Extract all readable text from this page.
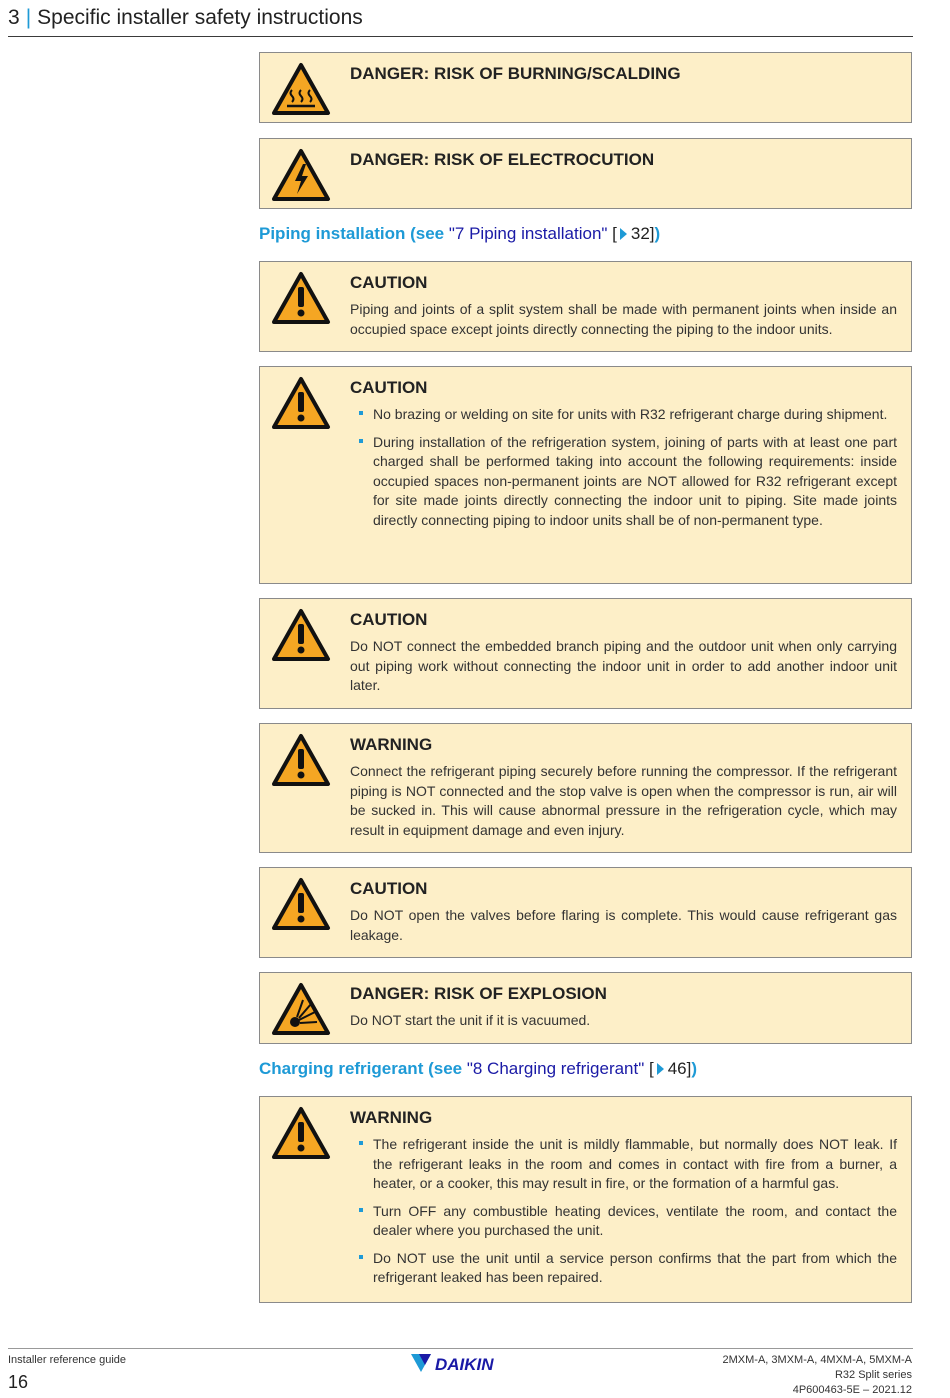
3 | Specific installer safety instructions
DANGER: RISK OF BURNING/SCALDING
DANGER: RISK OF ELECTROCUTION
Piping installation (see "7 Piping installation" [ 32])
CAUTION
Piping and joints of a split system shall be made with permanent joints when inside an occupied space except joints directly connecting the piping to the indoor units.
CAUTION
No brazing or welding on site for units with R32 refrigerant charge during shipment.
During installation of the refrigeration system, joining of parts with at least one part charged shall be performed taking into account the following requirements: inside occupied spaces non-permanent joints are NOT allowed for R32 refrigerant except for site made joints directly connecting the indoor unit to piping. Site made joints directly connecting piping to indoor units shall be of non-permanent type.
CAUTION
Do NOT connect the embedded branch piping and the outdoor unit when only carrying out piping work without connecting the indoor unit in order to add another indoor unit later.
WARNING
Connect the refrigerant piping securely before running the compressor. If the refrigerant piping is NOT connected and the stop valve is open when the compressor is run, air will be sucked in. This will cause abnormal pressure in the refrigeration cycle, which may result in equipment damage and even injury.
CAUTION
Do NOT open the valves before flaring is complete. This would cause refrigerant gas leakage.
DANGER: RISK OF EXPLOSION
Do NOT start the unit if it is vacuumed.
Charging refrigerant (see "8 Charging refrigerant" [ 46])
WARNING
The refrigerant inside the unit is mildly flammable, but normally does NOT leak. If the refrigerant leaks in the room and comes in contact with fire from a burner, a heater, or a cooker, this may result in fire, or the formation of a harmful gas.
Turn OFF any combustible heating devices, ventilate the room, and contact the dealer where you purchased the unit.
Do NOT use the unit until a service person confirms that the part from which the refrigerant leaked has been repaired.
Installer reference guide
16
DAIKIN	2MXM-A, 3MXM-A, 4MXM-A, 5MXM-A
R32 Split series
4P600463-5E – 2021.12
